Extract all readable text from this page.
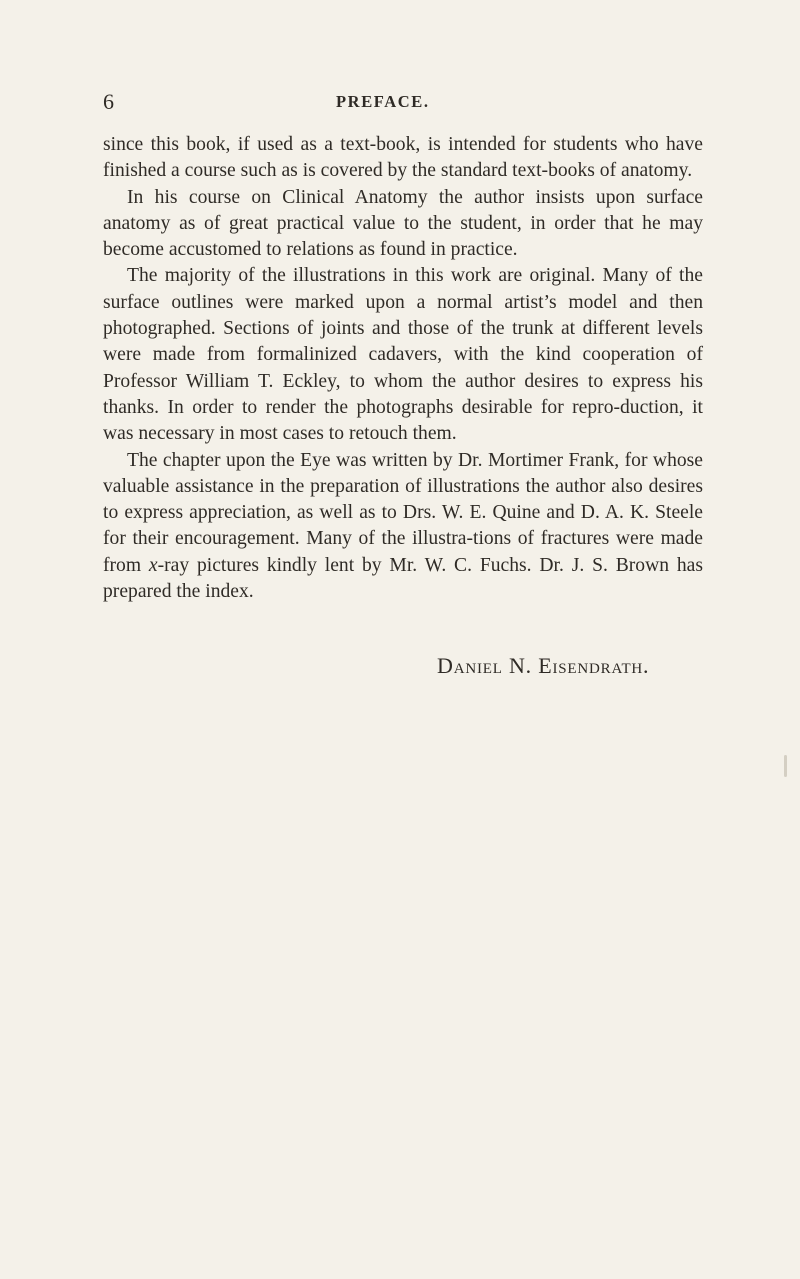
6	PREFACE.

since this book, if used as a text-book, is intended for students who have finished a course such as is covered by the standard text-books of anatomy.

In his course on Clinical Anatomy the author insists upon surface anatomy as of great practical value to the student, in order that he may become accustomed to relations as found in practice.

The majority of the illustrations in this work are original. Many of the surface outlines were marked upon a normal artist’s model and then photographed. Sections of joints and those of the trunk at different levels were made from formalinized cadavers, with the kind cooperation of Professor William T. Eckley, to whom the author desires to express his thanks. In order to render the photographs desirable for repro-duction, it was necessary in most cases to retouch them.

The chapter upon the Eye was written by Dr. Mortimer Frank, for whose valuable assistance in the preparation of illustrations the author also desires to express appreciation, as well as to Drs. W. E. Quine and D. A. K. Steele for their encouragement. Many of the illustra-tions of fractures were made from x-ray pictures kindly lent by Mr. W. C. Fuchs. Dr. J. S. Brown has prepared the index.

Daniel N. Eisendrath.
